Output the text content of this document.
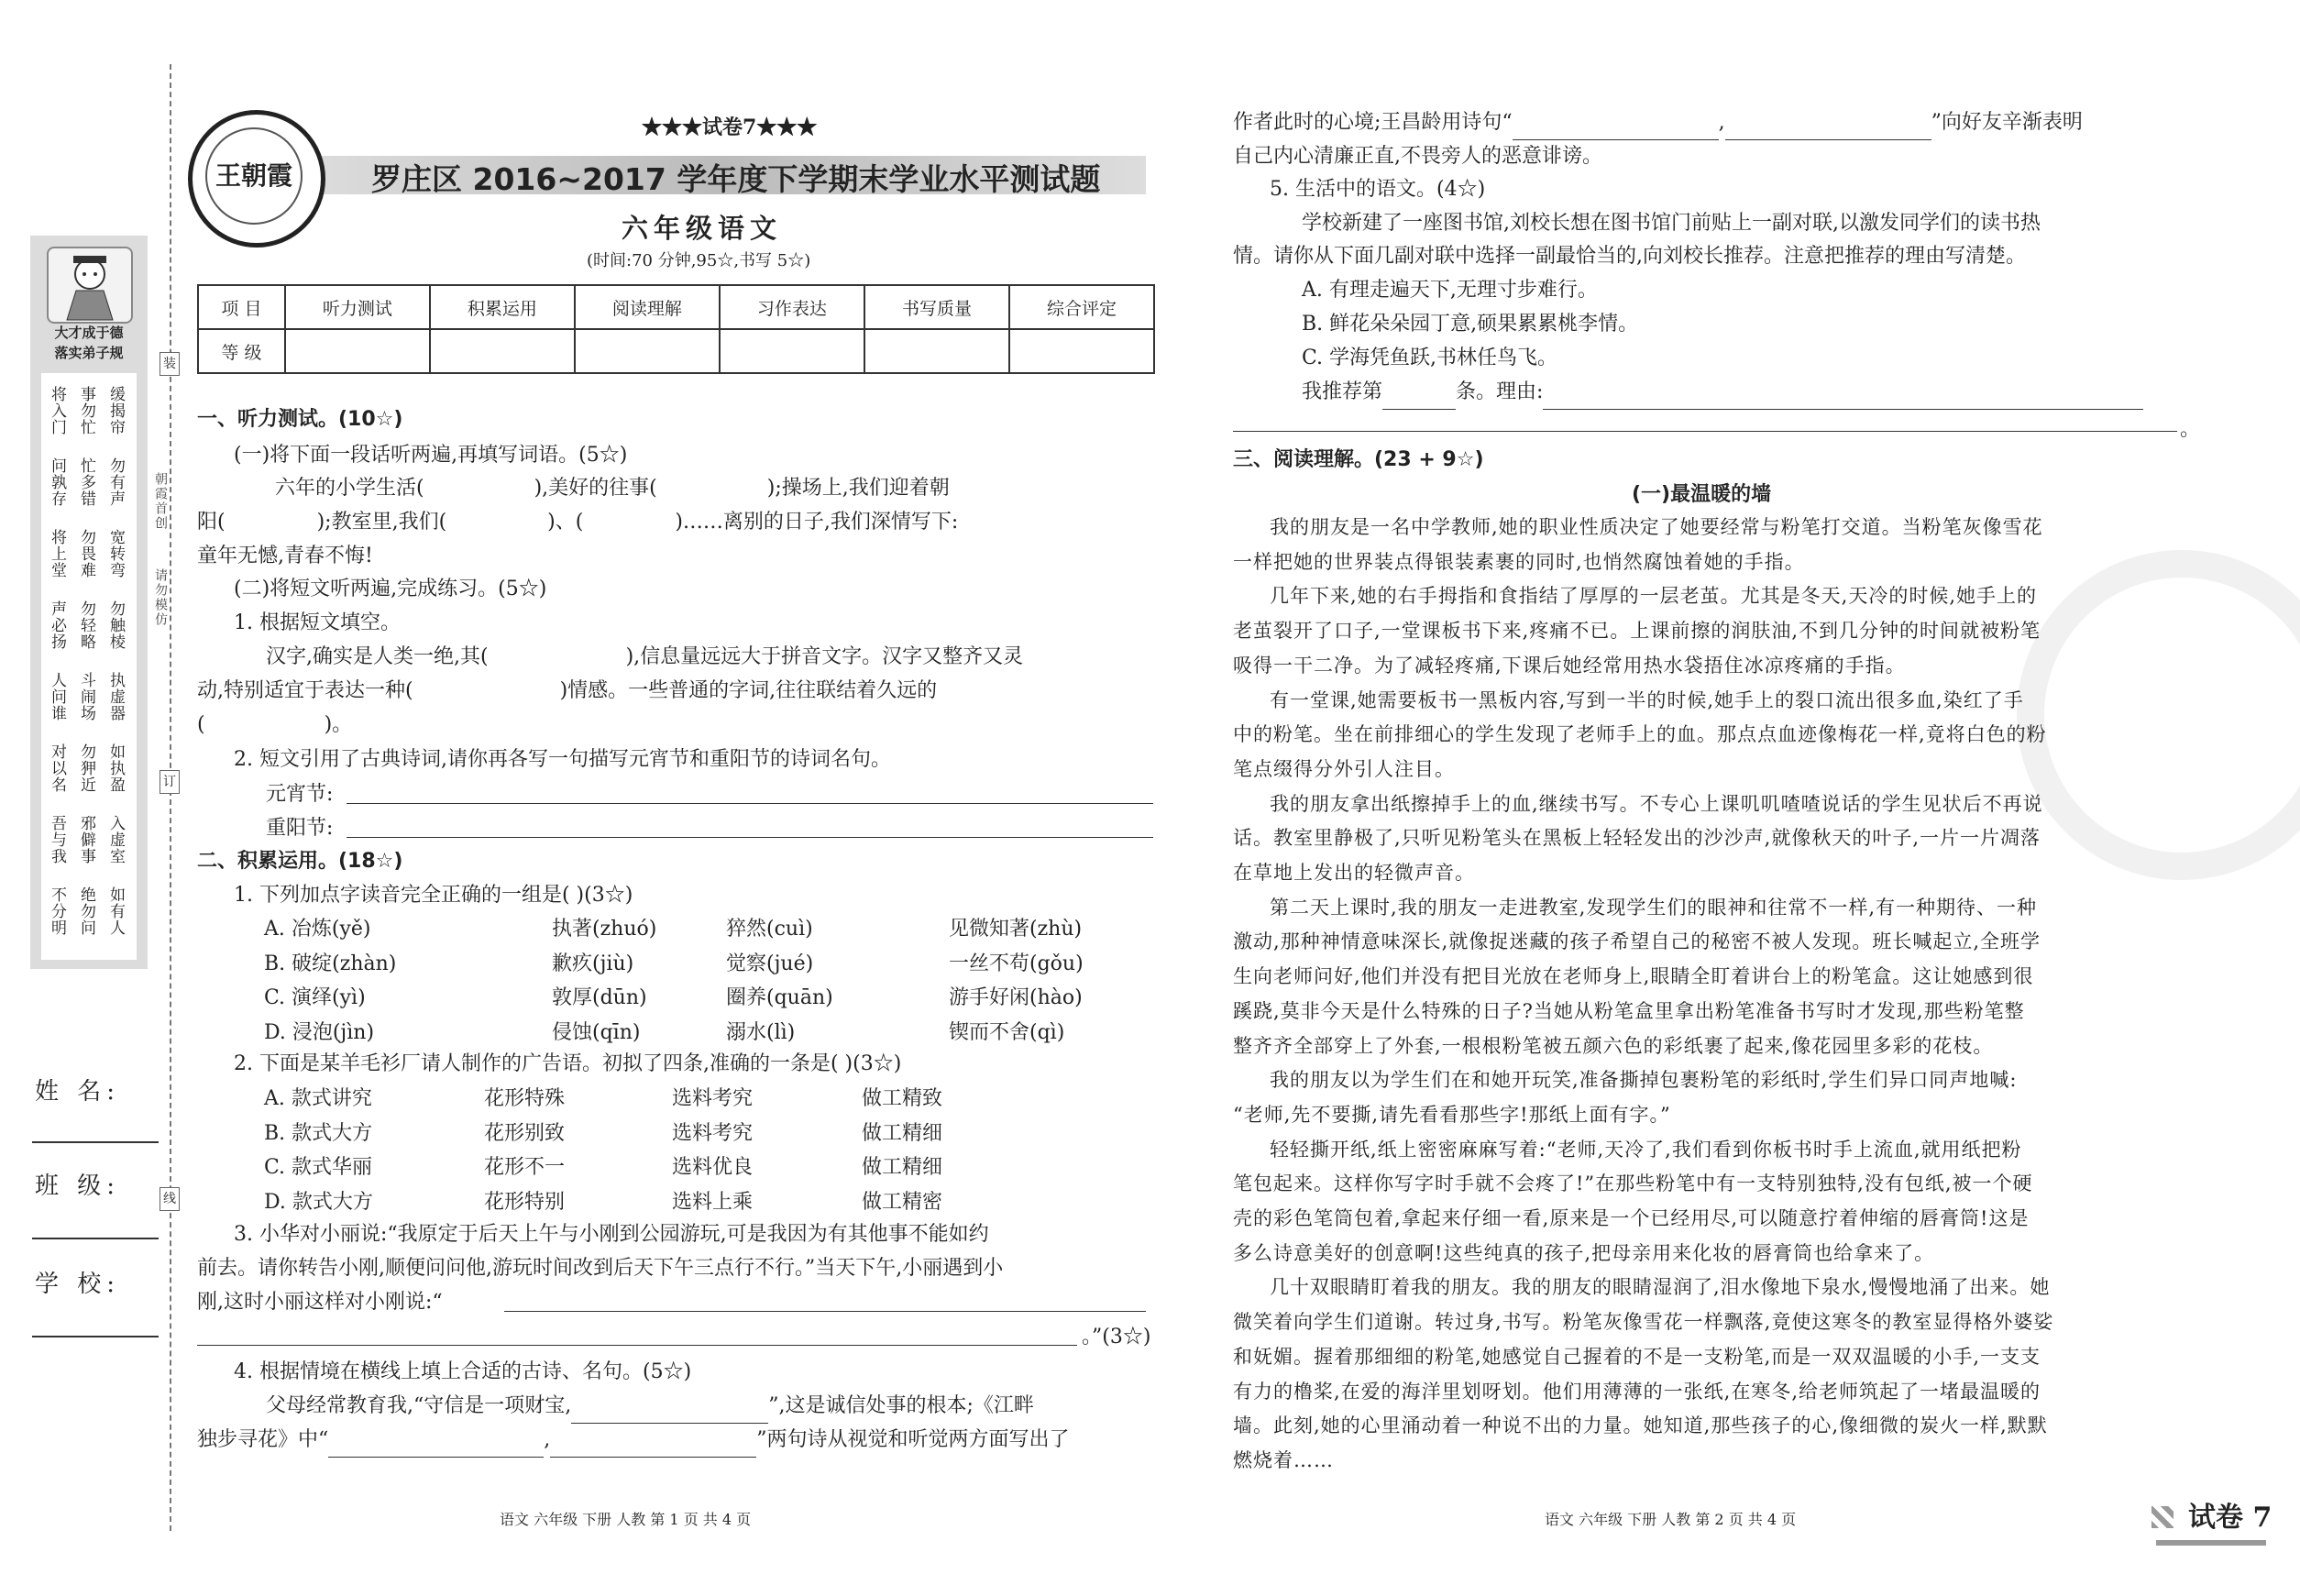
大才成于德
落实弟子规
缓揭帘
事勿忙
将入门
勿有声
忙多错
问孰存
宽转弯
勿畏难
将上堂
勿触棱
勿轻略
声必扬
执虚器
斗闹场
人问谁
如执盈
勿狎近
对以名
入虚室
邪僻事
吾与我
如有人
绝勿问
不分明
姓 名:
班 级:
学 校:
装
订
线
朝霞首创
请勿模仿
王朝霞
★★★试卷7★★★
罗庄区 2016~2017 学年度下学期末学业水平测试题
六年级语文
(时间:70 分钟,95☆,书写 5☆)
项 目	听力测试	积累运用	阅读理解	习作表达	书写质量	综合评定
等 级						
一、听力测试。(10☆)
(一)将下面一段话听两遍,再填写词语。(5☆)
六年的小学生活(	),美好的往事(	);操场上,我们迎着朝
阳(	);教室里,我们(	)、(	)……离别的日子,我们深情写下:
童年无憾,青春不悔!
(二)将短文听两遍,完成练习。(5☆)
1. 根据短文填空。
汉字,确实是人类一绝,其(	),信息量远远大于拼音文字。汉字又整齐又灵
动,特别适宜于表达一种(	)情感。一些普通的字词,往往联结着久远的
(	)。
2. 短文引用了古典诗词,请你再各写一句描写元宵节和重阳节的诗词名句。
元宵节:
重阳节:
二、积累运用。(18☆)
1. 下列加点字读音完全正确的一组是( )(3☆)
A. 冶炼(yě)	执著(zhuó)	猝然(cuì)	见微知著(zhù)
B. 破绽(zhàn)	歉疚(jiù)	觉察(jué)	一丝不苟(gǒu)
C. 演绎(yì)	敦厚(dūn)	圈养(quān)	游手好闲(hào)
D. 浸泡(jìn)	侵蚀(qīn)	溺水(lì)	锲而不舍(qì)
2. 下面是某羊毛衫厂请人制作的广告语。初拟了四条,准确的一条是( )(3☆)
A. 款式讲究	花形特殊	选料考究	做工精致
B. 款式大方	花形别致	选料考究	做工精细
C. 款式华丽	花形不一	选料优良	做工精细
D. 款式大方	花形特别	选料上乘	做工精密
3. 小华对小丽说:“我原定于后天上午与小刚到公园游玩,可是我因为有其他事不能如约
前去。请你转告小刚,顺便问问他,游玩时间改到后天下午三点行不行。”当天下午,小丽遇到小
刚,这时小丽这样对小刚说:“
。”(3☆)
4. 根据情境在横线上填上合适的古诗、名句。(5☆)
父母经常教育我,“守信是一项财宝,	”,这是诚信处事的根本;《江畔
独步寻花》中“	,	”两句诗从视觉和听觉两方面写出了
语文 六年级 下册 人教 第 1 页 共 4 页
作者此时的心境;王昌龄用诗句“	,	”向好友辛渐表明
自己内心清廉正直,不畏旁人的恶意诽谤。
5. 生活中的语文。(4☆)
学校新建了一座图书馆,刘校长想在图书馆门前贴上一副对联,以激发同学们的读书热
情。请你从下面几副对联中选择一副最恰当的,向刘校长推荐。注意把推荐的理由写清楚。
A. 有理走遍天下,无理寸步难行。
B. 鲜花朵朵园丁意,硕果累累桃李情。
C. 学海凭鱼跃,书林任鸟飞。
我推荐第	条。理由:
。
三、阅读理解。(23 + 9☆)
(一)最温暖的墙
我的朋友是一名中学教师,她的职业性质决定了她要经常与粉笔打交道。当粉笔灰像雪花
一样把她的世界装点得银装素裹的同时,也悄然腐蚀着她的手指。
几年下来,她的右手拇指和食指结了厚厚的一层老茧。尤其是冬天,天冷的时候,她手上的
老茧裂开了口子,一堂课板书下来,疼痛不已。上课前擦的润肤油,不到几分钟的时间就被粉笔
吸得一干二净。为了减轻疼痛,下课后她经常用热水袋捂住冰凉疼痛的手指。
有一堂课,她需要板书一黑板内容,写到一半的时候,她手上的裂口流出很多血,染红了手
中的粉笔。坐在前排细心的学生发现了老师手上的血。那点点血迹像梅花一样,竟将白色的粉
笔点缀得分外引人注目。
我的朋友拿出纸擦掉手上的血,继续书写。不专心上课叽叽喳喳说话的学生见状后不再说
话。教室里静极了,只听见粉笔头在黑板上轻轻发出的沙沙声,就像秋天的叶子,一片一片凋落
在草地上发出的轻微声音。
第二天上课时,我的朋友一走进教室,发现学生们的眼神和往常不一样,有一种期待、一种
激动,那种神情意味深长,就像捉迷藏的孩子希望自己的秘密不被人发现。班长喊起立,全班学
生向老师问好,他们并没有把目光放在老师身上,眼睛全盯着讲台上的粉笔盒。这让她感到很
蹊跷,莫非今天是什么特殊的日子?当她从粉笔盒里拿出粉笔准备书写时才发现,那些粉笔整
整齐齐全部穿上了外套,一根根粉笔被五颜六色的彩纸裹了起来,像花园里多彩的花枝。
我的朋友以为学生们在和她开玩笑,准备撕掉包裹粉笔的彩纸时,学生们异口同声地喊:
“老师,先不要撕,请先看看那些字!那纸上面有字。”
轻轻撕开纸,纸上密密麻麻写着:“老师,天冷了,我们看到你板书时手上流血,就用纸把粉
笔包起来。这样你写字时手就不会疼了!”在那些粉笔中有一支特别独特,没有包纸,被一个硬
壳的彩色笔筒包着,拿起来仔细一看,原来是一个已经用尽,可以随意拧着伸缩的唇膏筒!这是
多么诗意美好的创意啊!这些纯真的孩子,把母亲用来化妆的唇膏筒也给拿来了。
几十双眼睛盯着我的朋友。我的朋友的眼睛湿润了,泪水像地下泉水,慢慢地涌了出来。她
微笑着向学生们道谢。转过身,书写。粉笔灰像雪花一样飘落,竟使这寒冬的教室显得格外婆娑
和妩媚。握着那细细的粉笔,她感觉自己握着的不是一支粉笔,而是一双双温暖的小手,一支支
有力的橹桨,在爱的海洋里划呀划。他们用薄薄的一张纸,在寒冬,给老师筑起了一堵最温暖的
墙。此刻,她的心里涌动着一种说不出的力量。她知道,那些孩子的心,像细微的炭火一样,默默
燃烧着……
语文 六年级 下册 人教 第 2 页 共 4 页	试卷 7
